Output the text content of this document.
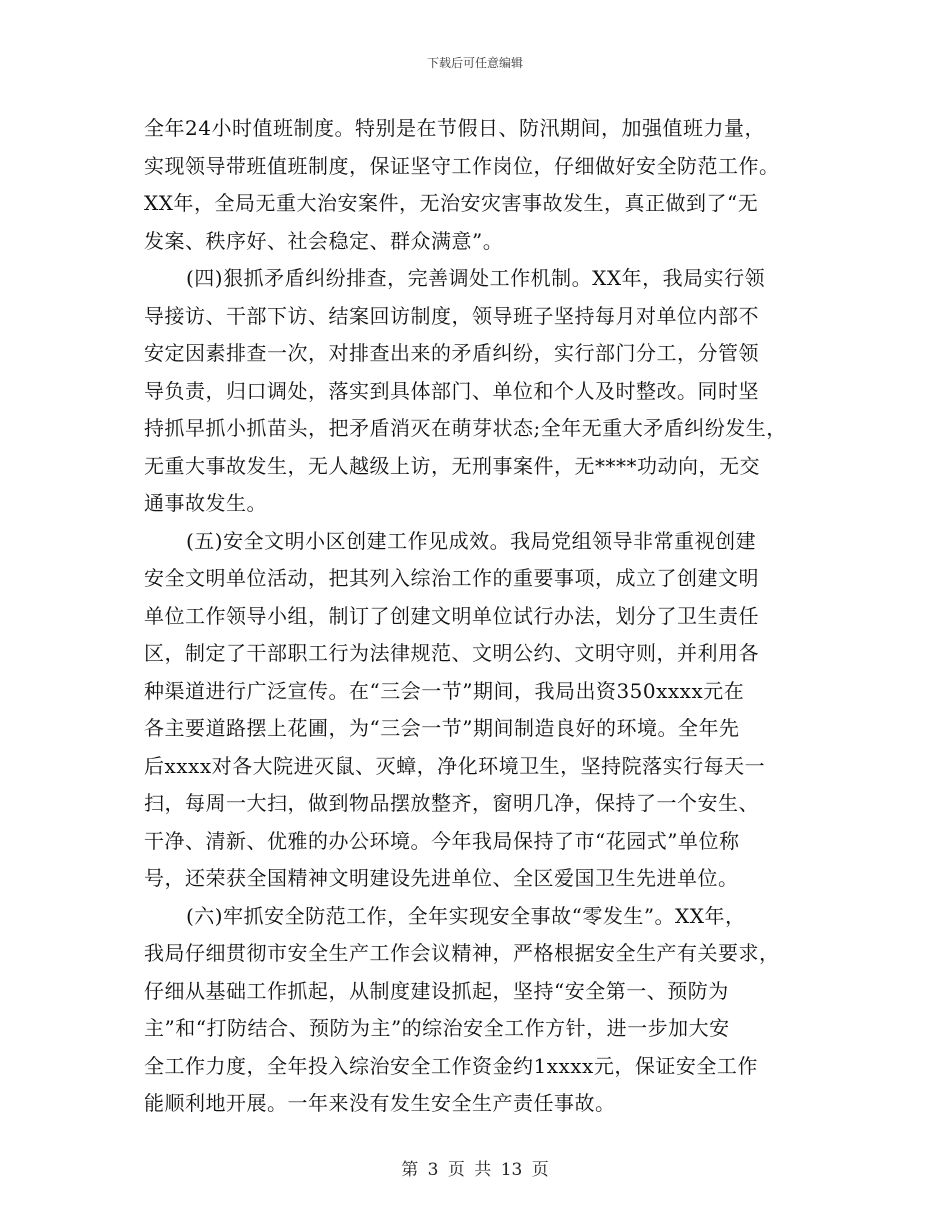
下载后可任意编辑
全年24小时值班制度。特别是在节假日、防汛期间，加强值班力量，
实现领导带班值班制度，保证坚守工作岗位，仔细做好安全防范工作。
XX年，全局无重大治安案件，无治安灾害事故发生，真正做到了“无
发案、秩序好、社会稳定、群众满意”。
(四)狠抓矛盾纠纷排查，完善调处工作机制。XX年，我局实行领
导接访、干部下访、结案回访制度，领导班子坚持每月对单位内部不
安定因素排查一次，对排查出来的矛盾纠纷，实行部门分工，分管领
导负责，归口调处，落实到具体部门、单位和个人及时整改。同时坚
持抓早抓小抓苗头，把矛盾消灭在萌芽状态;全年无重大矛盾纠纷发生，
无重大事故发生，无人越级上访，无刑事案件，无****功动向，无交
通事故发生。
(五)安全文明小区创建工作见成效。我局党组领导非常重视创建
安全文明单位活动，把其列入综治工作的重要事项，成立了创建文明
单位工作领导小组，制订了创建文明单位试行办法，划分了卫生责任
区，制定了干部职工行为法律规范、文明公约、文明守则，并利用各
种渠道进行广泛宣传。在“三会一节”期间，我局出资350xxxx元在
各主要道路摆上花圃，为“三会一节”期间制造良好的环境。全年先
后xxxx对各大院进灭鼠、灭蟑，净化环境卫生，坚持院落实行每天一
扫，每周一大扫，做到物品摆放整齐，窗明几净，保持了一个安生、
干净、清新、优雅的办公环境。今年我局保持了市“花园式”单位称
号，还荣获全国精神文明建设先进单位、全区爱国卫生先进单位。
(六)牢抓安全防范工作，全年实现安全事故“零发生”。XX年，
我局仔细贯彻市安全生产工作会议精神，严格根据安全生产有关要求，
仔细从基础工作抓起，从制度建设抓起，坚持“安全第一、预防为
主”和“打防结合、预防为主”的综治安全工作方针，进一步加大安
全工作力度，全年投入综治安全工作资金约1xxxx元，保证安全工作
能顺利地开展。一年来没有发生安全生产责任事故。
第 3 页 共 13 页
